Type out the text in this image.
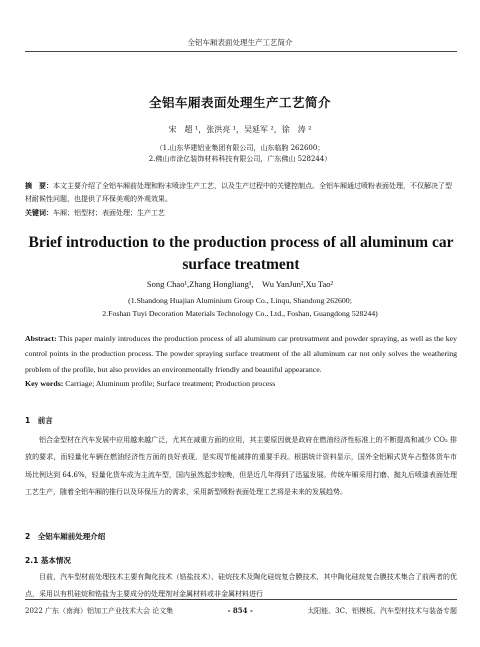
全铝车厢表面处理生产工艺简介
全铝车厢表面处理生产工艺简介
宋　超 ¹，张洪亮 ¹，吴延军 ²，徐　涛 ²
（1.山东华建铝业集团有限公司，山东临朐 262600；
2.佛山市涂亿装饰材料科技有限公司，广东佛山 528244）
摘　要：本文主要介绍了全铝车厢前处理和粉末喷涂生产工艺，以及生产过程中的关键控制点。全铝车厢通过喷粉表面处理，不仅解决了型材耐候性问题，也提供了环保美观的外观效果。
关键词：车厢；铝型材；表面处理；生产工艺
Brief introduction to the production process of all aluminum car surface treatment
Song Chao¹,Zhang Hongliang¹,　Wu YanJun²,Xu Tao²
(1.Shandong Huajian Aluminium Group Co., Linqu, Shandong 262600;
2.Foshan Tuyi Decoration Materials Technology Co., Ltd., Foshan, Guangdong 528244)
Abstract: This paper mainly introduces the production process of all aluminum car pretreatment and powder spraying, as well as the key control points in the production process. The powder spraying surface treatment of the all aluminum car not only solves the weathering problem of the profile, but also provides an environmentally friendly and beautiful appearance.
Key words: Carriage; Aluminum profile; Surface treatment; Production process
1　前言

铝合金型材在汽车发展中应用越来越广泛，尤其在减重方面的应用，其主要原因就是政府在燃油经济性标准上的不断提高和减少 CO₂ 排放的要求，而轻量化车辆在燃油经济性方面的良好表现，是实现节能减排的重要手段。根据统计资料显示，国外全铝厢式货车占整体货车市场比例达到 64.6%，轻量化货车成为主流车型，国内虽然起步较晚，但是近几年得到了迅猛发展。传统车厢采用打磨、抛丸后喷漆表面处理工艺生产，随着全铝车厢的推行以及环保压力的需求，采用新型喷粉表面处理工艺将是未来的发展趋势。

2　全铝车厢前处理介绍
2.1 基本情况

目前，汽车型材前处理技术主要有陶化技术（锆盐技术）、硅烷技术及陶化硅烷复合膜技术，其中陶化硅烷复合膜技术集合了前两者的优点，采用以有机硅烷和锆盐为主要成分的处理剂对金属材料或非金属材料进行

2022 广东（南海）铝加工产业技术大会 论文集	- 854 -	太阳能、3C、铝模板、汽车型材技术与装备专题
